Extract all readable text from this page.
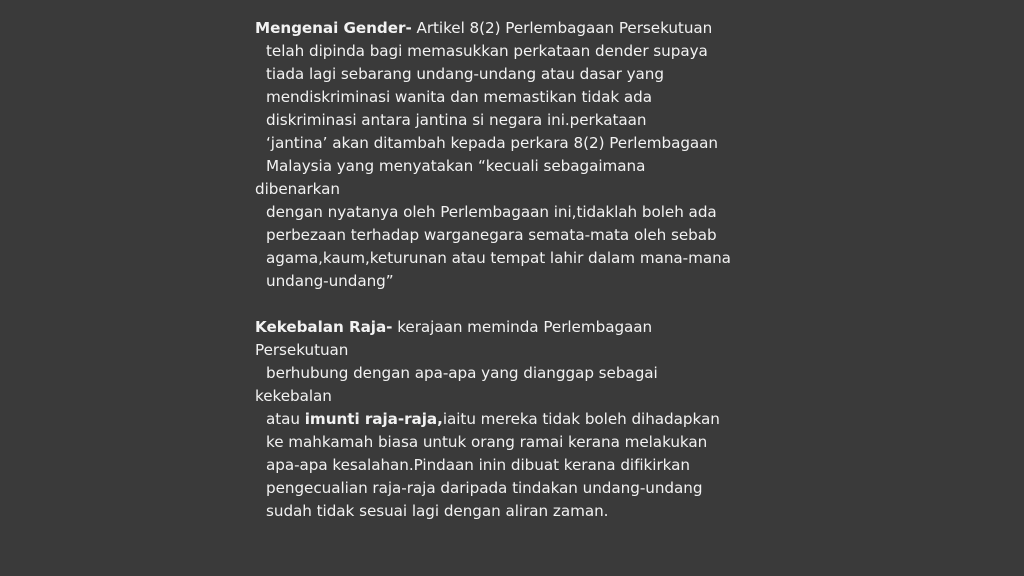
Mengenai Gender- Artikel 8(2) Perlembagaan Persekutuan
telah dipinda bagi memasukkan perkataan dender supaya
tiada lagi sebarang undang-undang atau dasar yang
mendiskriminasi wanita dan memastikan tidak ada
diskriminasi antara jantina si negara ini.perkataan
‘jantina’ akan ditambah kepada perkara 8(2) Perlembagaan
Malaysia yang menyatakan “kecuali sebagaimana
dibenarkan
dengan nyatanya oleh Perlembagaan ini,tidaklah boleh ada
perbezaan terhadap warganegara semata-mata oleh sebab
agama,kaum,keturunan atau tempat lahir dalam mana-mana
undang-undang”
Kekebalan Raja- kerajaan meminda Perlembagaan
Persekutuan
berhubung dengan apa-apa yang dianggap sebagai
kekebalan
atau imunti raja-raja,iaitu mereka tidak boleh dihadapkan
ke mahkamah biasa untuk orang ramai kerana melakukan
apa-apa kesalahan.Pindaan inin dibuat kerana difikirkan
pengecualian raja-raja daripada tindakan undang-undang
sudah tidak sesuai lagi dengan aliran zaman.
